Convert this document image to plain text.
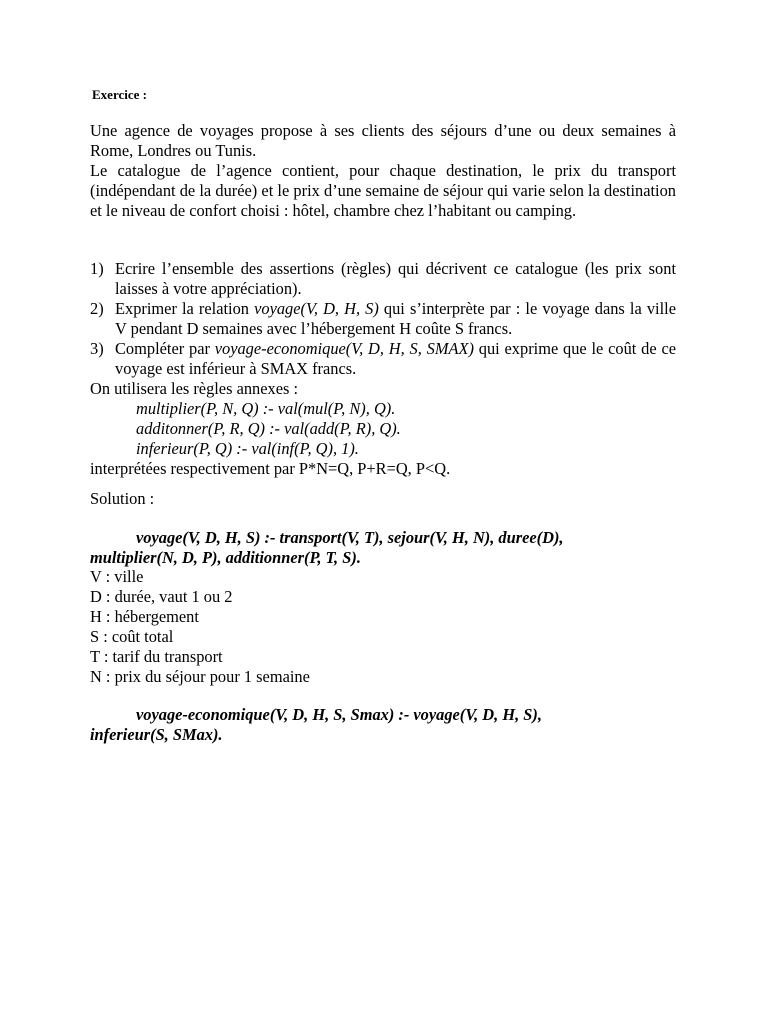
Exercice :

Une agence de voyages propose à ses clients des séjours d’une ou deux semaines à Rome, Londres ou Tunis.

Le catalogue de l’agence contient, pour chaque destination, le prix du transport (indépendant de la durée) et le prix d’une semaine de séjour qui varie selon la destination et le niveau de confort choisi : hôtel, chambre chez l’habitant ou camping.

1) Ecrire l’ensemble des assertions (règles) qui décrivent ce catalogue (les prix sont laisses à votre appréciation).
2) Exprimer la relation voyage(V, D, H, S) qui s’interprète par : le voyage dans la ville V pendant D semaines avec l’hébergement H coûte S francs.
3) Compléter par voyage-economique(V, D, H, S, SMAX) qui exprime que le coût de ce voyage est inférieur à SMAX francs.
On utilisera les règles annexes :
multiplier(P, N, Q) :- val(mul(P, N), Q).
additonner(P, R, Q) :- val(add(P, R), Q).
inferieur(P, Q) :- val(inf(P, Q), 1).
interprétées respectivement par P*N=Q, P+R=Q, P<Q.
Solution :
voyage(V, D, H, S) :- transport(V, T), sejour(V, H, N), duree(D),
multiplier(N, D, P), additionner(P, T, S).
V : ville
D : durée, vaut 1 ou 2
H : hébergement
S : coût total
T : tarif du transport
N : prix du séjour pour 1 semaine
voyage-economique(V, D, H, S, Smax) :- voyage(V, D, H, S),
inferieur(S, SMax).
